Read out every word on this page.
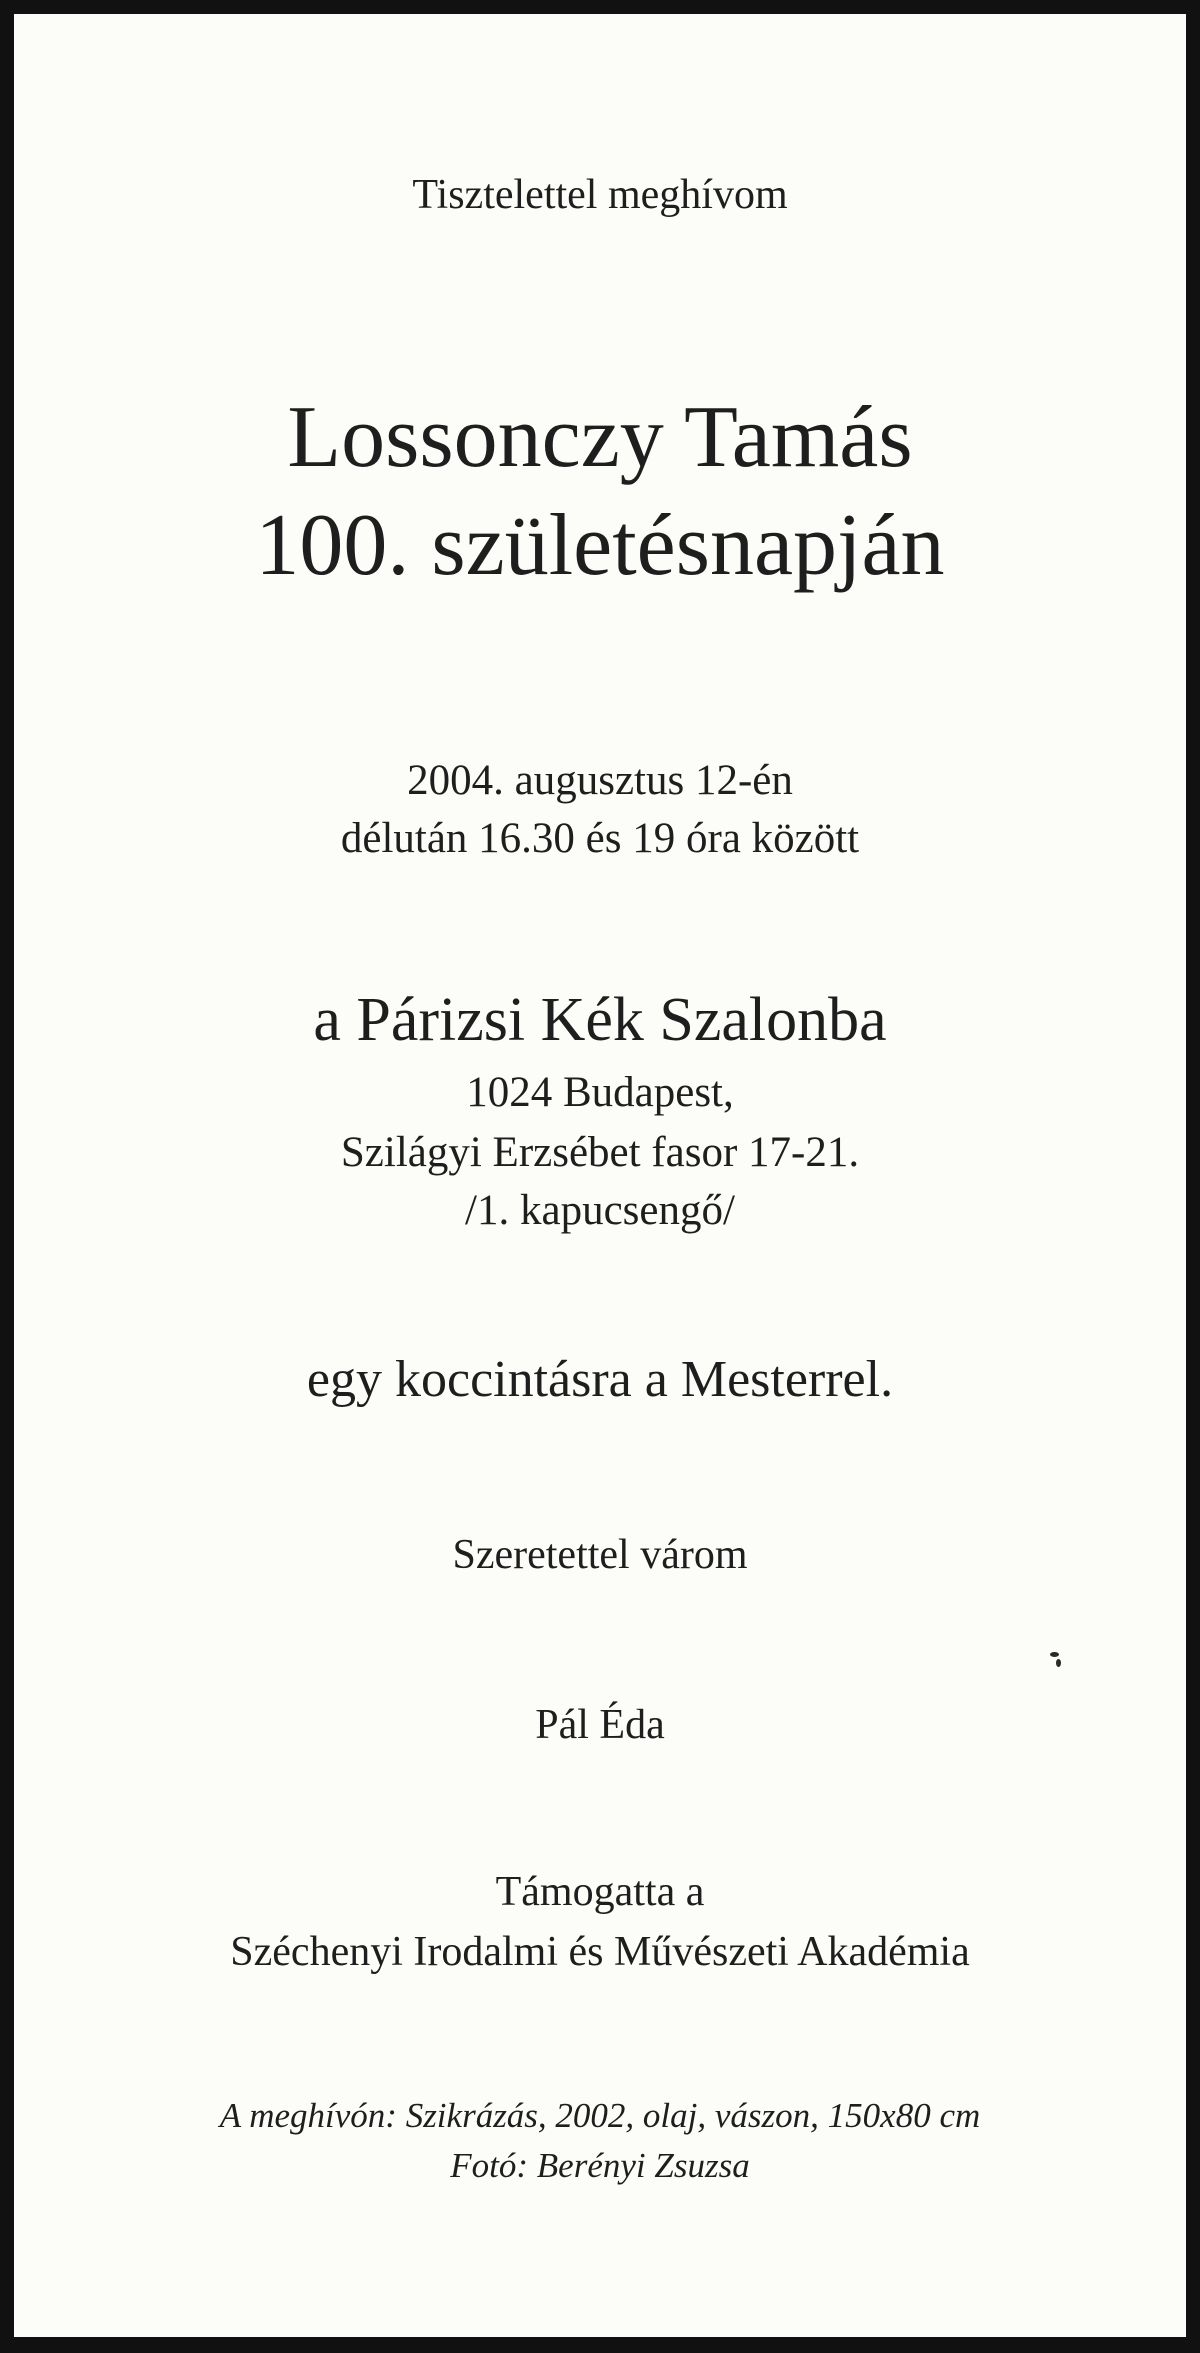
Tisztelettel meghívom
Lossonczy Tamás
100. születésnapján
2004. augusztus 12-én
délután 16.30 és 19 óra között
a Párizsi Kék Szalonba
1024 Budapest,
Szilágyi Erzsébet fasor 17-21.
/1. kapucsengő/
egy koccintásra a Mesterrel.
Szeretettel várom
Pál Éda
Támogatta a
Széchenyi Irodalmi és Művészeti Akadémia
A meghívón: Szikrázás, 2002, olaj, vászon, 150x80 cm
Fotó: Berényi Zsuzsa
